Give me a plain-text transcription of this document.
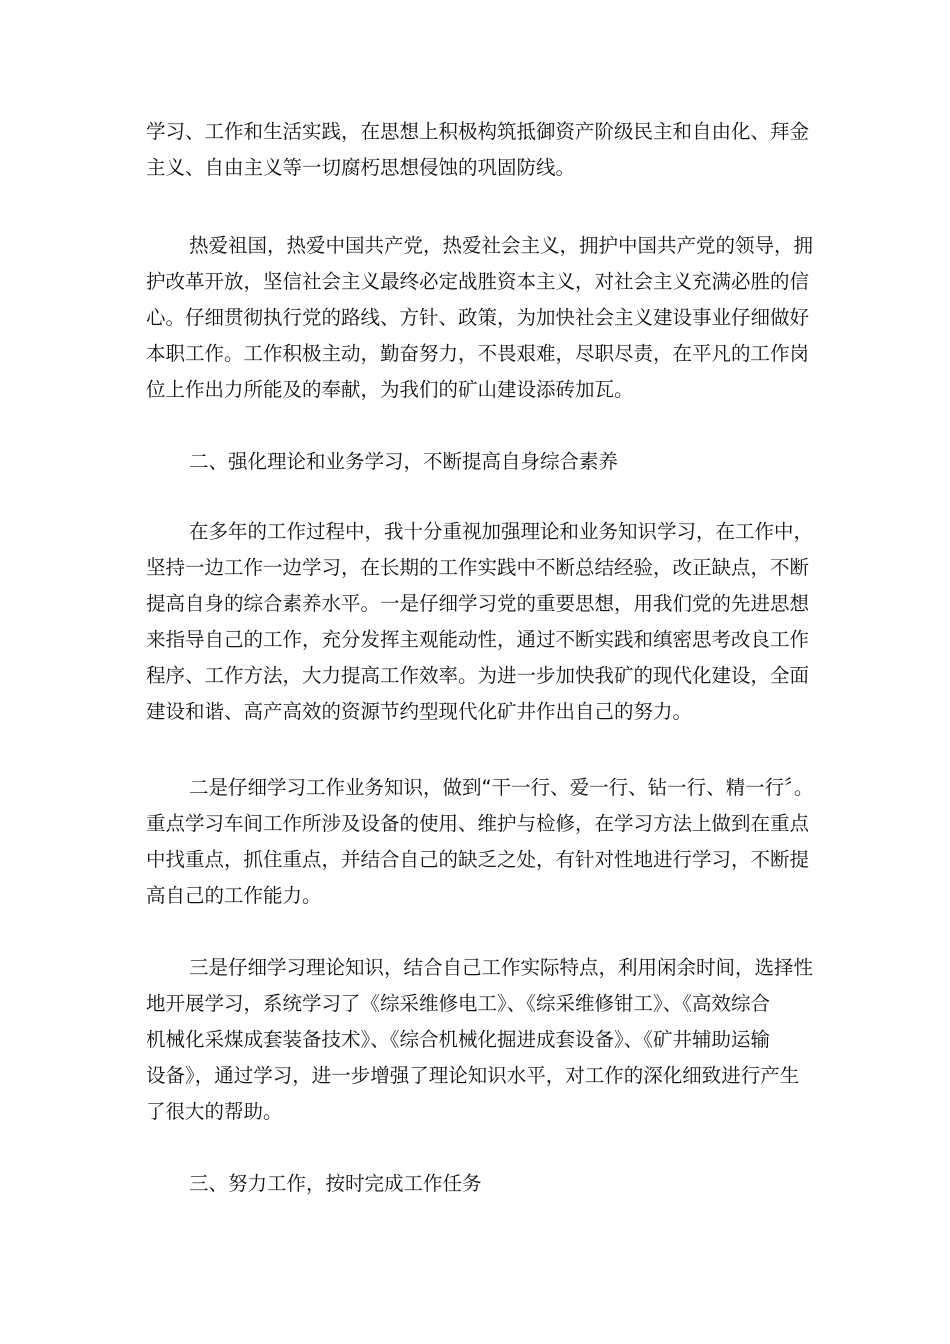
学习、工作和生活实践，在思想上积极构筑抵御资产阶级民主和自由化、拜金
主义、自由主义等一切腐朽思想侵蚀的巩固防线。
热爱祖国，热爱中国共产党，热爱社会主义，拥护中国共产党的领导，拥
护改革开放，坚信社会主义最终必定战胜资本主义，对社会主义充满必胜的信
心。仔细贯彻执行党的路线、方针、政策，为加快社会主义建设事业仔细做好
本职工作。工作积极主动，勤奋努力，不畏艰难，尽职尽责，在平凡的工作岗
位上作出力所能及的奉献，为我们的矿山建设添砖加瓦。
二、强化理论和业务学习，不断提高自身综合素养
在多年的工作过程中，我十分重视加强理论和业务知识学习，在工作中，
坚持一边工作一边学习，在长期的工作实践中不断总结经验，改正缺点，不断
提高自身的综合素养水平。一是仔细学习党的重要思想，用我们党的先进思想
来指导自己的工作，充分发挥主观能动性，通过不断实践和缜密思考改良工作
程序、工作方法，大力提高工作效率。为进一步加快我矿的现代化建设，全面
建设和谐、高产高效的资源节约型现代化矿井作出自己的努力。
二是仔细学习工作业务知识，做到“干一行、爱一行、钻一行、精一行〞。
重点学习车间工作所涉及设备的使用、维护与检修，在学习方法上做到在重点
中找重点，抓住重点，并结合自己的缺乏之处，有针对性地进行学习，不断提
高自己的工作能力。
三是仔细学习理论知识，结合自己工作实际特点，利用闲余时间，选择性
地开展学习，系统学习了《综采维修电工》、《综采维修钳工》、《高效综合
机械化采煤成套装备技术》、《综合机械化掘进成套设备》、《矿井辅助运输
设备》，通过学习，进一步增强了理论知识水平，对工作的深化细致进行产生
了很大的帮助。
三、努力工作，按时完成工作任务
